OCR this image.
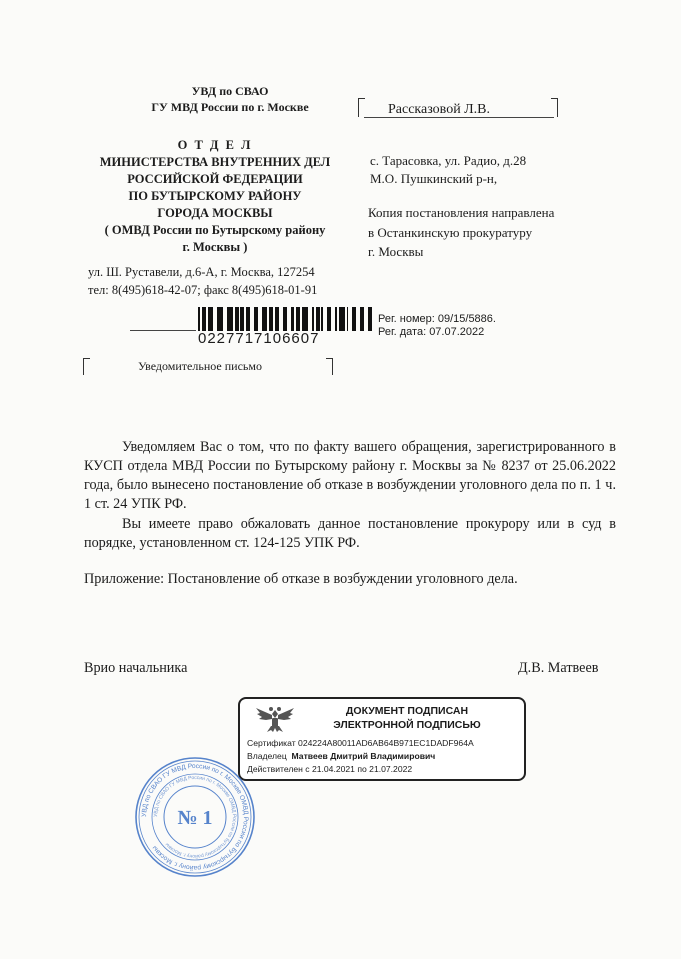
УВД по СВАО
ГУ МВД России по г. Москве
О Т Д Е Л
МИНИСТЕРСТВА ВНУТРЕННИХ ДЕЛ
РОССИЙСКОЙ ФЕДЕРАЦИИ
ПО БУТЫРСКОМУ РАЙОНУ
ГОРОДА МОСКВЫ
( ОМВД России по Бутырскому району
г. Москвы )
ул. Ш. Руставели, д.6-А, г. Москва, 127254
тел: 8(495)618-42-07; факс 8(495)618-01-91
Рассказовой Л.В.
с. Тарасовка, ул. Радио, д.28
М.О. Пушкинский р-н,
Копия постановления направлена
в Останкинскую прокуратуру
г. Москвы
0227717106607
Рег. номер: 09/15/5886.
Рег. дата: 07.07.2022
Уведомительное письмо
Уведомляем Вас о том, что по факту вашего обращения, зарегистрированного в КУСП отдела МВД России по Бутырскому району г. Москвы за № 8237 от 25.06.2022 года, было вынесено постановление об отказе в возбуждении уголовного дела по п. 1 ч. 1 ст. 24 УПК РФ.
Вы имеете право обжаловать данное постановление прокурору или в суд в порядке, установленном ст. 124-125 УПК РФ.
Приложение: Постановление об отказе в возбуждении уголовного дела.
Врио начальника	Д.В. Матвеев
ДОКУМЕНТ ПОДПИСАН
ЭЛЕКТРОННОЙ ПОДПИСЬЮ
Сертификат 024224A80011AD6AB64B971EC1DADF964A
Владелец Матвеев Дмитрий Владимирович
Действителен с 21.04.2021 по 21.07.2022
УВД по СВАО ГУ МВД России по г. Москве ОМВД России по Бутырскому району г. Москвы
УВД по СВАО ГУ МВД России по г. Москве ОМВД России по Бутырскому району г. Москвы
№ 1
